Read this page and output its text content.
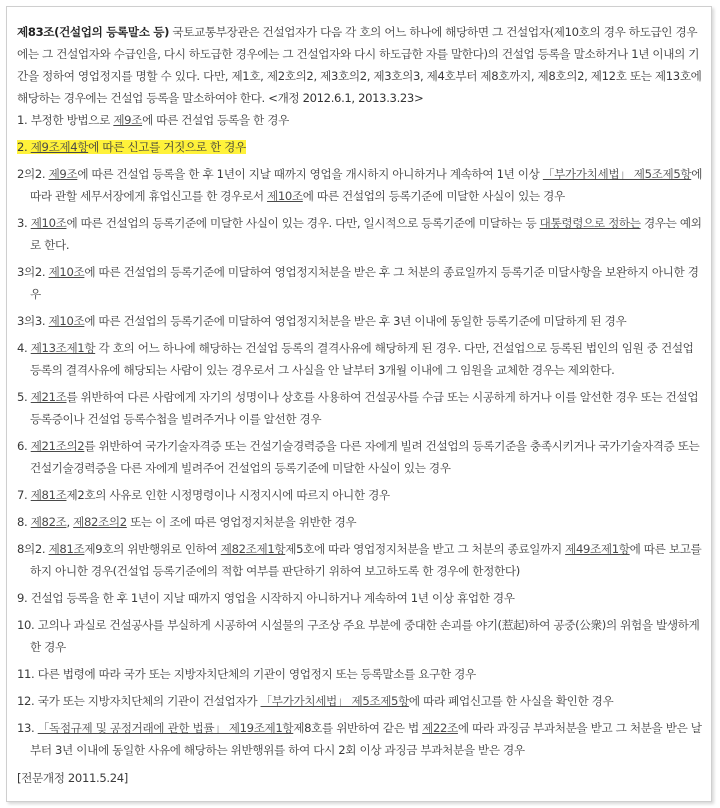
제83조(건설업의 등록말소 등) 국토교통부장관은 건설업자가 다음 각 호의 어느 하나에 해당하면 그 건설업자(제10호의 경우 하도급인 경우에는 그 건설업자와 수급인을, 다시 하도급한 경우에는 그 건설업자와 다시 하도급한 자를 말한다)의 건설업 등록을 말소하거나 1년 이내의 기간을 정하여 영업정지를 명할 수 있다. 다만, 제1호, 제2호의2, 제3호의2, 제3호의3, 제4호부터 제8호까지, 제8호의2, 제12호 또는 제13호에 해당하는 경우에는 건설업 등록을 말소하여야 한다. <개정 2012.6.1, 2013.3.23>

1. 부정한 방법으로 제9조에 따른 건설업 등록을 한 경우

2. 제9조제4항에 따른 신고를 거짓으로 한 경우

2의2. 제9조에 따른 건설업 등록을 한 후 1년이 지날 때까지 영업을 개시하지 아니하거나 계속하여 1년 이상 「부가가치세법」 제5조제5항에 따라 관할 세무서장에게 휴업신고를 한 경우로서 제10조에 따른 건설업의 등록기준에 미달한 사실이 있는 경우

3. 제10조에 따른 건설업의 등록기준에 미달한 사실이 있는 경우. 다만, 일시적으로 등록기준에 미달하는 등 대통령령으로 정하는 경우는 예외로 한다.

3의2. 제10조에 따른 건설업의 등록기준에 미달하여 영업정지처분을 받은 후 그 처분의 종료일까지 등록기준 미달사항을 보완하지 아니한 경우

3의3. 제10조에 따른 건설업의 등록기준에 미달하여 영업정지처분을 받은 후 3년 이내에 동일한 등록기준에 미달하게 된 경우

4. 제13조제1항 각 호의 어느 하나에 해당하는 건설업 등록의 결격사유에 해당하게 된 경우. 다만, 건설업으로 등록된 법인의 임원 중 건설업 등록의 결격사유에 해당되는 사람이 있는 경우로서 그 사실을 안 날부터 3개월 이내에 그 임원을 교체한 경우는 제외한다.

5. 제21조를 위반하여 다른 사람에게 자기의 성명이나 상호를 사용하여 건설공사를 수급 또는 시공하게 하거나 이를 알선한 경우 또는 건설업 등록증이나 건설업 등록수첩을 빌려주거나 이를 알선한 경우

6. 제21조의2를 위반하여 국가기술자격증 또는 건설기술경력증을 다른 자에게 빌려 건설업의 등록기준을 충족시키거나 국가기술자격증 또는 건설기술경력증을 다른 자에게 빌려주어 건설업의 등록기준에 미달한 사실이 있는 경우

7. 제81조제2호의 사유로 인한 시정명령이나 시정지시에 따르지 아니한 경우

8. 제82조, 제82조의2 또는 이 조에 따른 영업정지처분을 위반한 경우

8의2. 제81조제9호의 위반행위로 인하여 제82조제1항제5호에 따라 영업정지처분을 받고 그 처분의 종료일까지 제49조제1항에 따른 보고를 하지 아니한 경우(건설업 등록기준에의 적합 여부를 판단하기 위하여 보고하도록 한 경우에 한정한다)

9. 건설업 등록을 한 후 1년이 지날 때까지 영업을 시작하지 아니하거나 계속하여 1년 이상 휴업한 경우

10. 고의나 과실로 건설공사를 부실하게 시공하여 시설물의 구조상 주요 부분에 중대한 손괴를 야기(惹起)하여 공중(公衆)의 위험을 발생하게 한 경우

11. 다른 법령에 따라 국가 또는 지방자치단체의 기관이 영업정지 또는 등록말소를 요구한 경우

12. 국가 또는 지방자치단체의 기관이 건설업자가 「부가가치세법」 제5조제5항에 따라 폐업신고를 한 사실을 확인한 경우

13. 「독점규제 및 공정거래에 관한 법률」 제19조제1항제8호를 위반하여 같은 법 제22조에 따라 과징금 부과처분을 받고 그 처분을 받은 날부터 3년 이내에 동일한 사유에 해당하는 위반행위를 하여 다시 2회 이상 과징금 부과처분을 받은 경우

[전문개정 2011.5.24]
